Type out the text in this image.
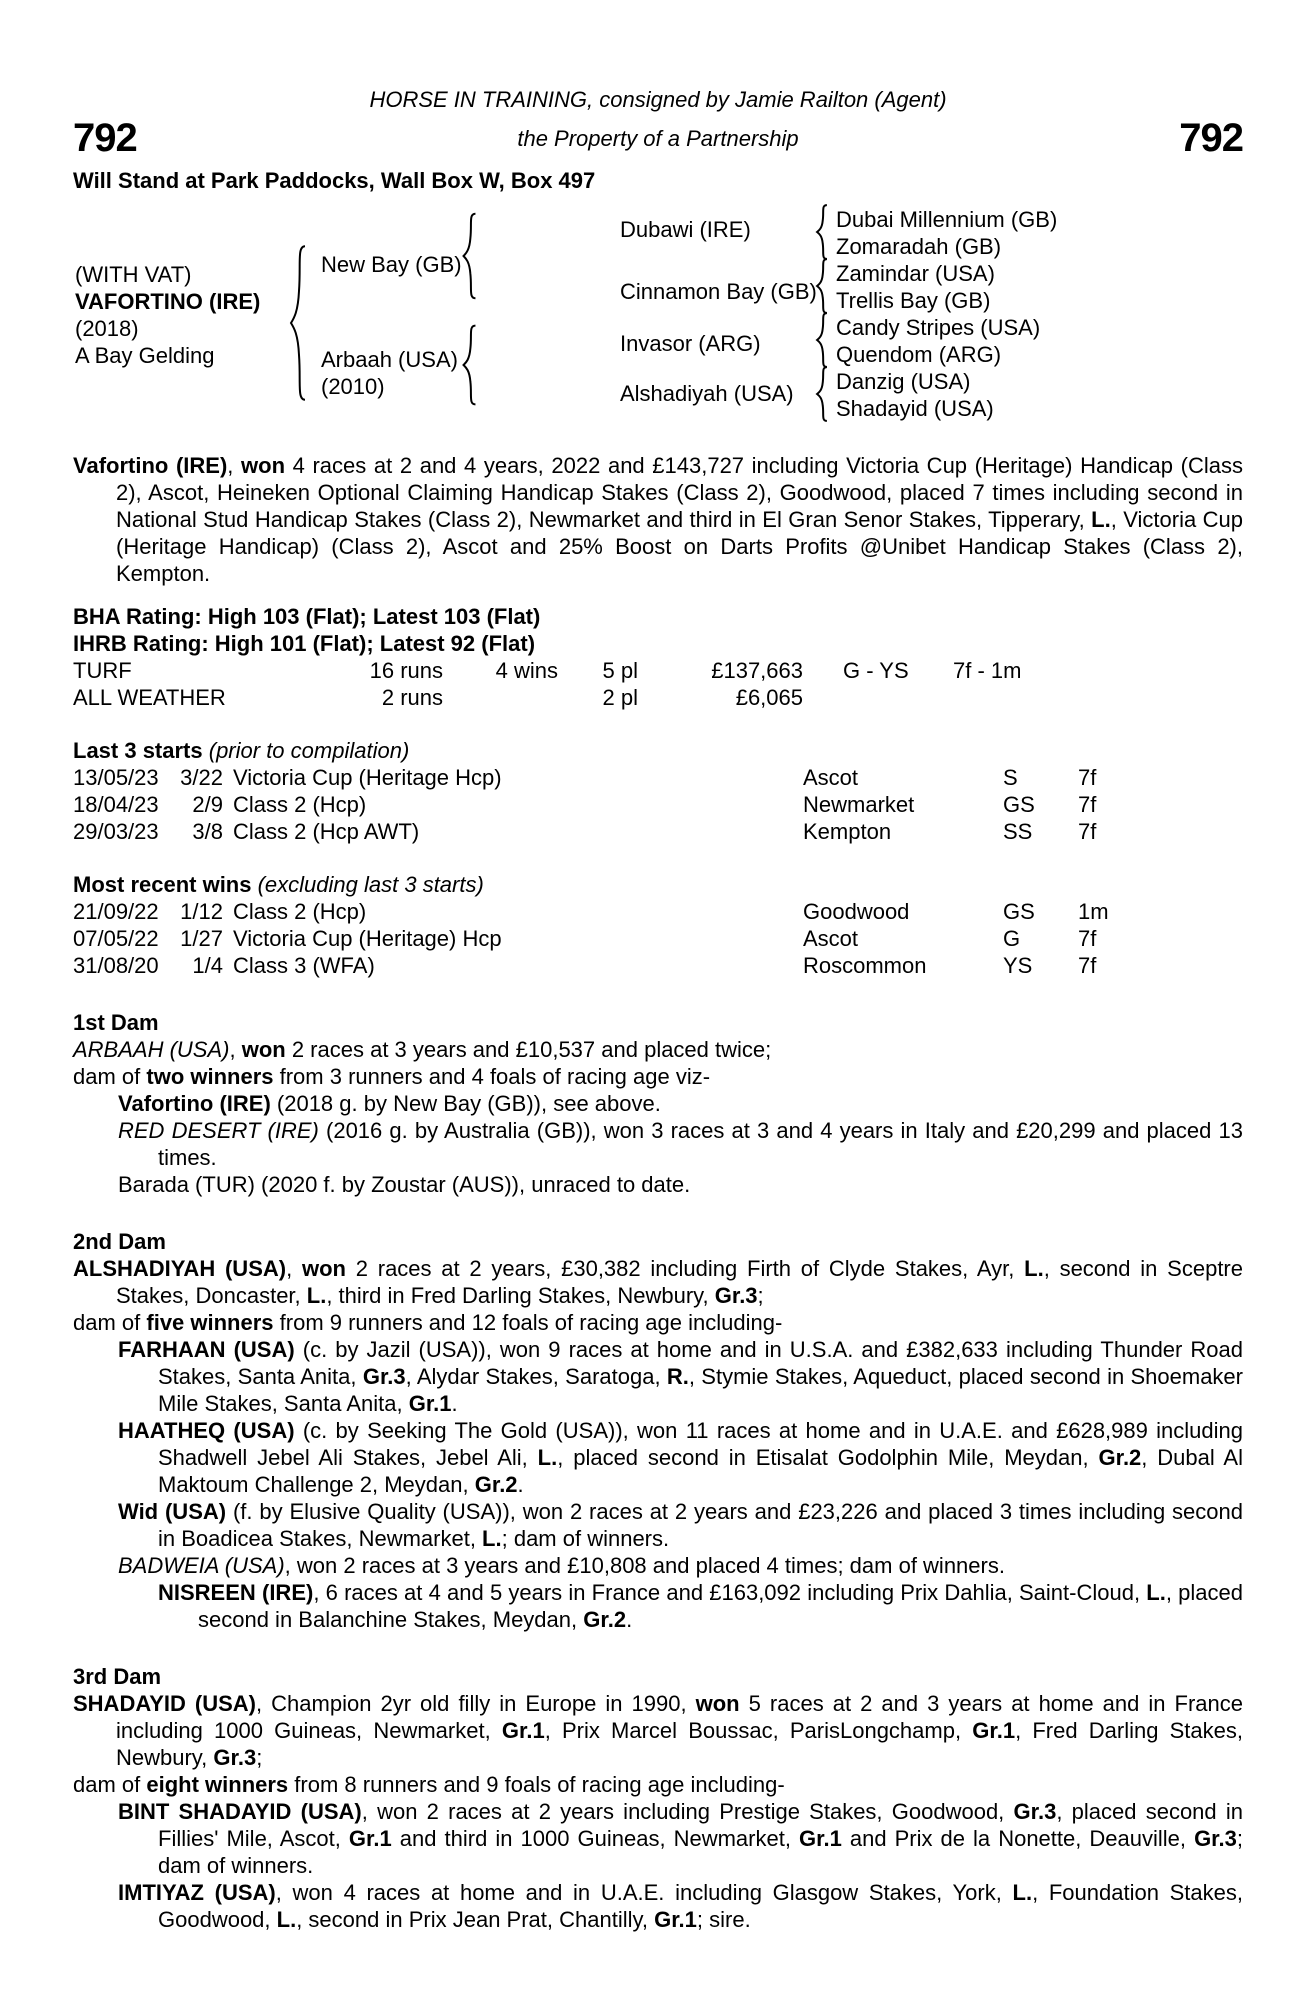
HORSE IN TRAINING, consigned by Jamie Railton (Agent)
792	the Property of a Partnership	792
Will Stand at Park Paddocks, Wall Box W, Box 497
(WITH VAT)
VAFORTINO (IRE)
(2018)
A Bay Gelding
New Bay (GB)
Arbaah (USA)
(2010)
Dubawi (IRE)
Cinnamon Bay (GB)
Invasor (ARG)
Alshadiyah (USA)
Dubai Millennium (GB)
Zomaradah (GB)
Zamindar (USA)
Trellis Bay (GB)
Candy Stripes (USA)
Quendom (ARG)
Danzig (USA)
Shadayid (USA)
Vafortino (IRE), won 4 races at 2 and 4 years, 2022 and £143,727 including Victoria Cup (Heritage) Handicap (Class 2), Ascot, Heineken Optional Claiming Handicap Stakes (Class 2), Goodwood, placed 7 times including second in National Stud Handicap Stakes (Class 2), Newmarket and third in El Gran Senor Stakes, Tipperary, L., Victoria Cup (Heritage Handicap) (Class 2), Ascot and 25% Boost on Darts Profits @Unibet Handicap Stakes (Class 2), Kempton.
BHA Rating: High 103 (Flat); Latest 103 (Flat)
IHRB Rating: High 101 (Flat); Latest 92 (Flat)
TURF	16 runs	4 wins	5 pl	£137,663 G - YS	7f - 1m
ALL WEATHER	2 runs	2 pl	£6,065
Last 3 starts (prior to compilation)
13/05/23 3/22 Victoria Cup (Heritage Hcp)	Ascot	S	7f
18/04/23	2/9 Class 2 (Hcp)	Newmarket	GS	7f
29/03/23	3/8 Class 2 (Hcp AWT)	Kempton	SS	7f
Most recent wins (excluding last 3 starts)
21/09/22 1/12 Class 2 (Hcp)	Goodwood	GS	1m
07/05/22 1/27 Victoria Cup (Heritage) Hcp	Ascot	G	7f
31/08/20	1/4 Class 3 (WFA)	Roscommon	YS	7f
1st Dam
ARBAAH (USA), won 2 races at 3 years and £10,537 and placed twice;
dam of two winners from 3 runners and 4 foals of racing age viz-
Vafortino (IRE) (2018 g. by New Bay (GB)), see above.
RED DESERT (IRE) (2016 g. by Australia (GB)), won 3 races at 3 and 4 years in Italy and £20,299 and placed 13 times.
Barada (TUR) (2020 f. by Zoustar (AUS)), unraced to date.
2nd Dam
ALSHADIYAH (USA), won 2 races at 2 years, £30,382 including Firth of Clyde Stakes, Ayr, L., second in Sceptre Stakes, Doncaster, L., third in Fred Darling Stakes, Newbury, Gr.3;
dam of five winners from 9 runners and 12 foals of racing age including-
FARHAAN (USA) (c. by Jazil (USA)), won 9 races at home and in U.S.A. and £382,633 including Thunder Road Stakes, Santa Anita, Gr.3, Alydar Stakes, Saratoga, R., Stymie Stakes, Aqueduct, placed second in Shoemaker Mile Stakes, Santa Anita, Gr.1.
HAATHEQ (USA) (c. by Seeking The Gold (USA)), won 11 races at home and in U.A.E. and £628,989 including Shadwell Jebel Ali Stakes, Jebel Ali, L., placed second in Etisalat Godolphin Mile, Meydan, Gr.2, Dubal Al Maktoum Challenge 2, Meydan, Gr.2.
Wid (USA) (f. by Elusive Quality (USA)), won 2 races at 2 years and £23,226 and placed 3 times including second in Boadicea Stakes, Newmarket, L.; dam of winners.
BADWEIA (USA), won 2 races at 3 years and £10,808 and placed 4 times; dam of winners.
NISREEN (IRE), 6 races at 4 and 5 years in France and £163,092 including Prix Dahlia, Saint-Cloud, L., placed second in Balanchine Stakes, Meydan, Gr.2.
3rd Dam
SHADAYID (USA), Champion 2yr old filly in Europe in 1990, won 5 races at 2 and 3 years at home and in France including 1000 Guineas, Newmarket, Gr.1, Prix Marcel Boussac, ParisLongchamp, Gr.1, Fred Darling Stakes, Newbury, Gr.3;
dam of eight winners from 8 runners and 9 foals of racing age including-
BINT SHADAYID (USA), won 2 races at 2 years including Prestige Stakes, Goodwood, Gr.3, placed second in Fillies' Mile, Ascot, Gr.1 and third in 1000 Guineas, Newmarket, Gr.1 and Prix de la Nonette, Deauville, Gr.3; dam of winners.
IMTIYAZ (USA), won 4 races at home and in U.A.E. including Glasgow Stakes, York, L., Foundation Stakes, Goodwood, L., second in Prix Jean Prat, Chantilly, Gr.1; sire.
